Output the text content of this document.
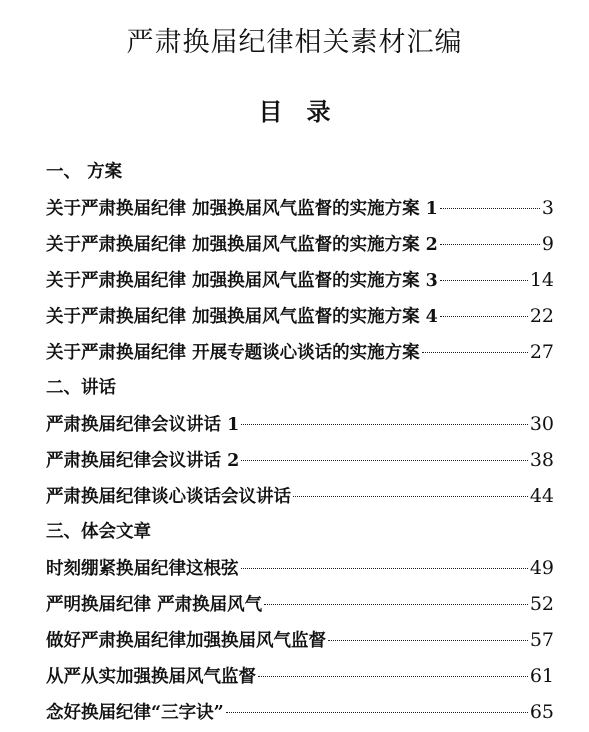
严肃换届纪律相关素材汇编
目　录
一、 方案
关于严肃换届纪律 加强换届风气监督的实施方案 1	3
关于严肃换届纪律 加强换届风气监督的实施方案 2	9
关于严肃换届纪律 加强换届风气监督的实施方案 3	14
关于严肃换届纪律 加强换届风气监督的实施方案 4	22
关于严肃换届纪律 开展专题谈心谈话的实施方案	27
二、讲话
严肃换届纪律会议讲话 1	30
严肃换届纪律会议讲话 2	38
严肃换届纪律谈心谈话会议讲话	44
三、体会文章
时刻绷紧换届纪律这根弦	49
严明换届纪律 严肃换届风气	52
做好严肃换届纪律加强换届风气监督	57
从严从实加强换届风气监督	61
念好换届纪律“三字诀”	65
